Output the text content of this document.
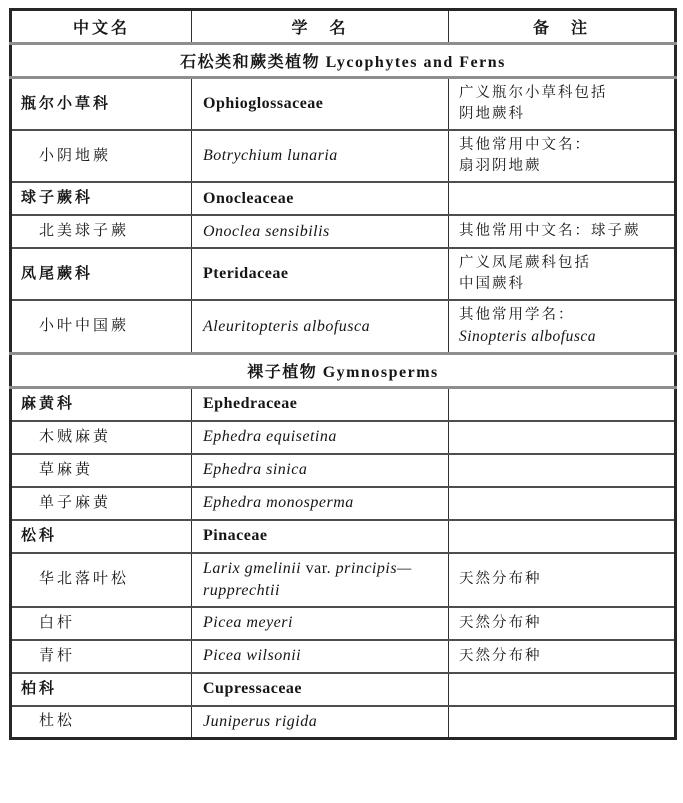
中文名	学　名	备　注
石松类和蕨类植物 Lycophytes and Ferns		
瓶尔小草科	Ophioglossaceae	广义瓶尔小草科包括
阴地蕨科
小阴地蕨	Botrychium lunaria	其他常用中文名：
扇羽阴地蕨
球子蕨科	Onocleaceae	
北美球子蕨	Onoclea sensibilis	其他常用中文名：球子蕨
凤尾蕨科	Pteridaceae	广义凤尾蕨科包括
中国蕨科
小叶中国蕨	Aleuritopteris albofusca	其他常用学名：
Sinopteris albofusca
裸子植物 Gymnosperms		
麻黄科	Ephedraceae	
木贼麻黄	Ephedra equisetina	
草麻黄	Ephedra sinica	
单子麻黄	Ephedra monosperma	
松科	Pinaceae	
华北落叶松	Larix gmelinii var. principis—rupprechtii	天然分布种
白杆	Picea meyeri	天然分布种
青杆	Picea wilsonii	天然分布种
柏科	Cupressaceae	
杜松	Juniperus rigida	
